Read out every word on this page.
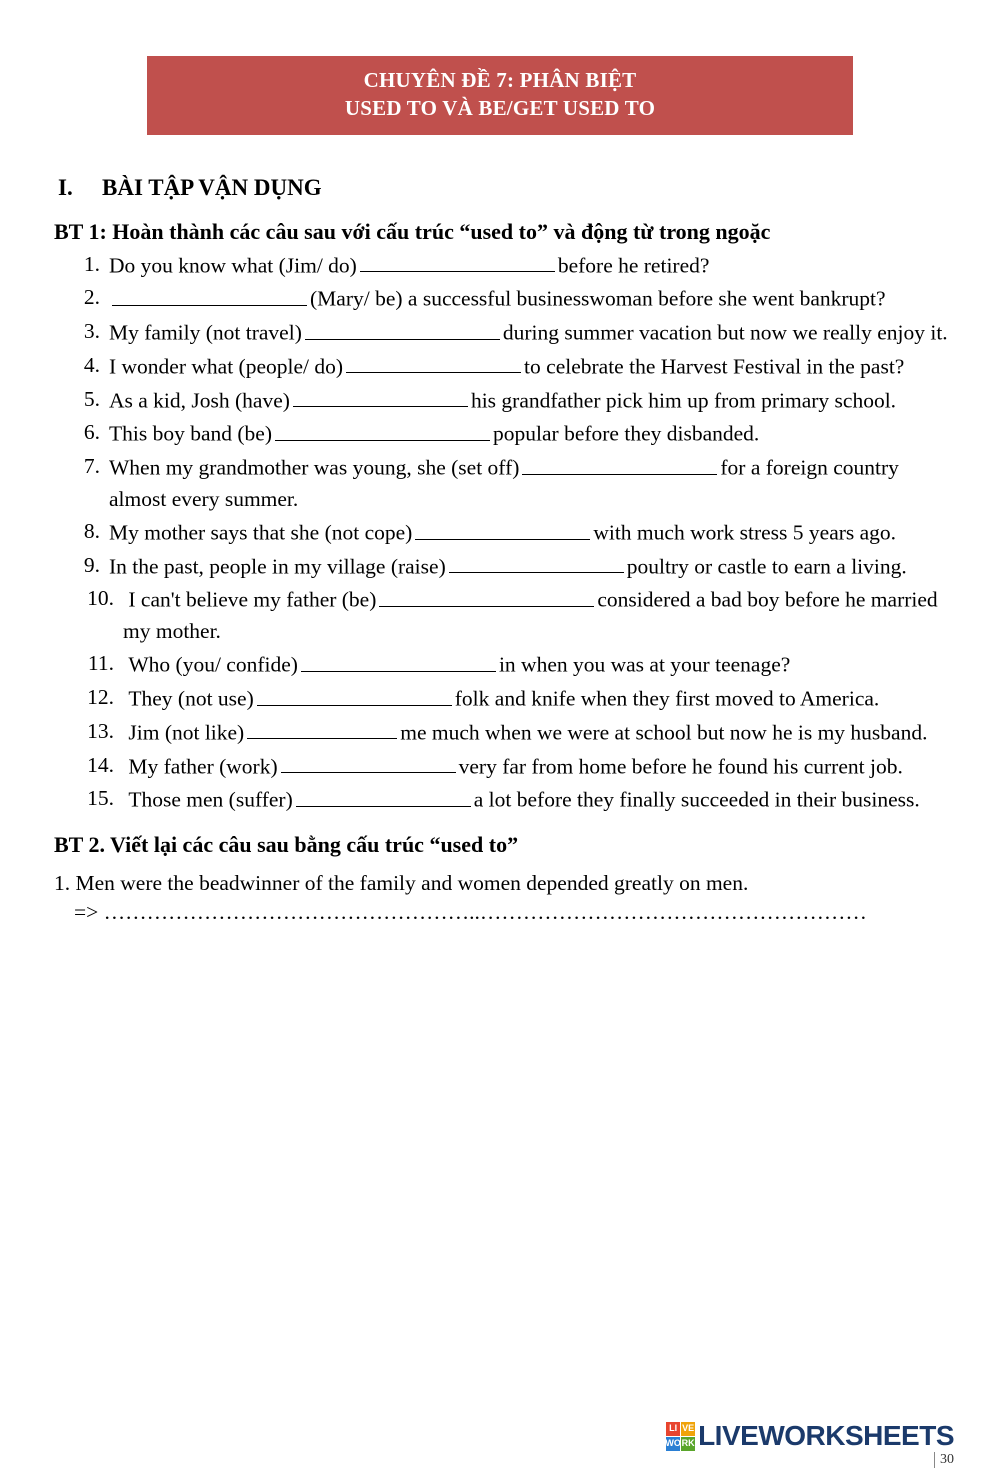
CHUYÊN ĐỀ 7: PHÂN BIỆT
USED TO VÀ BE/GET USED TO
I. BÀI TẬP VẬN DỤNG
BT 1: Hoàn thành các câu sau với cấu trúc “used to” và động từ trong ngoặc
1. Do you know what (Jim/ do)	before he retired?
2.	(Mary/ be) a successful businesswoman before she went bankrupt?
3. My family (not travel)	during summer vacation but now we really enjoy it.
4. I wonder what (people/ do)	to celebrate the Harvest Festival in the past?
5. As a kid, Josh (have)	his grandfather pick him up from primary school.
6. This boy band (be)	popular before they disbanded.
7. When my grandmother was young, she (set off)	for a foreign country almost every summer.
8. My mother says that she (not cope)	with much work stress 5 years ago.
9. In the past, people in my village (raise)	poultry or castle to earn a living.
10. I can't believe my father (be)	considered a bad boy before he married my mother.
11. Who (you/ confide)	in when you was at your teenage?
12. They (not use)	folk and knife when they first moved to America.
13. Jim (not like)	me much when we were at school but now he is my husband.
14. My father (work)	very far from home before he found his current job.
15. Those men (suffer)	a lot before they finally succeeded in their business.
BT 2. Viết lại các câu sau bằng cấu trúc “used to”
1. Men were the beadwinner of the family and women depended greatly on men.
=> ……………………………………………..………………………………………………
LI VE
WO RK LIVEWORKSHEETS
30
